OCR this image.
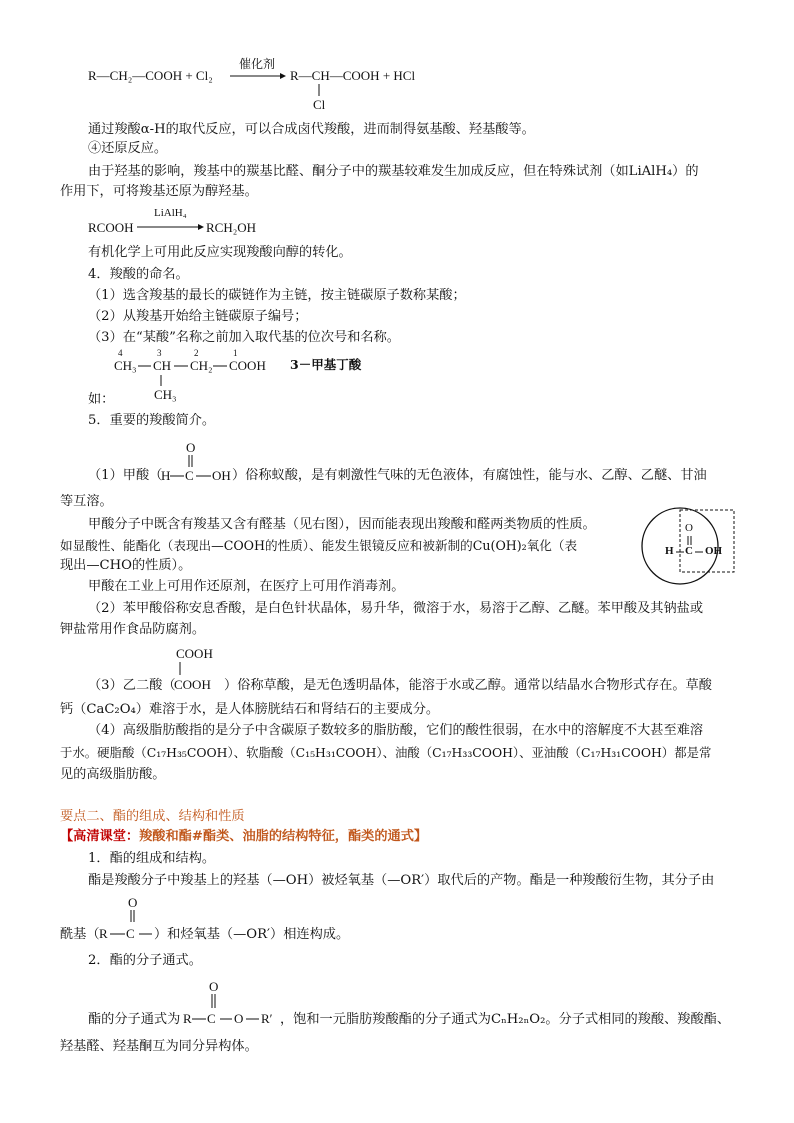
R—CH₂—COOH + Cl₂
催化剂
R—CH—COOH + HCl
Cl
通过羧酸α-H的取代反应，可以合成卤代羧酸，进而制得氨基酸、羟基酸等。
④还原反应。
由于羟基的影响，羧基中的羰基比醛、酮分子中的羰基较难发生加成反应，但在特殊试剂（如LiAlH₄）的
作用下，可将羧基还原为醇羟基。
RCOOH
LiAlH₄
RCH₂OH
有机化学上可用此反应实现羧酸向醇的转化。
4．羧酸的命名。
（1）选含羧基的最长的碳链作为主链，按主链碳原子数称某酸；
（2）从羧基开始给主链碳原子编号；
（3）在“某酸”名称之前加入取代基的位次号和名称。
4	3	2	1
CH₃ CH CH₂ COOH
CH₃
3－甲基丁酸
如：
5．重要的羧酸简介。
O
（1）甲酸（
H C OH ）俗称蚁酸，是有刺激性气味的无色液体，有腐蚀性，能与水、乙醇、乙醚、甘油
等互溶。
甲酸分子中既含有羧基又含有醛基（见右图），因而能表现出羧酸和醛两类物质的性质。
如显酸性、能酯化（表现出—COOH的性质）、能发生银镜反应和被新制的Cu(OH)₂氧化（表
现出—CHO的性质）。
甲酸在工业上可用作还原剂，在医疗上可用作消毒剂。
O
H C OH
（2）苯甲酸俗称安息香酸，是白色针状晶体，易升华，微溶于水，易溶于乙醇、乙醚。苯甲酸及其钠盐或
钾盐常用作食品防腐剂。
COOH
（3）乙二酸（
COOH ）俗称草酸，是无色透明晶体，能溶于水或乙醇。通常以结晶水合物形式存在。草酸
钙（CaC₂O₄）难溶于水，是人体膀胱结石和肾结石的主要成分。
（4）高级脂肪酸指的是分子中含碳原子数较多的脂肪酸，它们的酸性很弱，在水中的溶解度不大甚至难溶
于水。硬脂酸（C₁₇H₃₅COOH）、软脂酸（C₁₅H₃₁COOH）、油酸（C₁₇H₃₃COOH）、亚油酸（C₁₇H₃₁COOH）都是常
见的高级脂肪酸。
要点二、酯的组成、结构和性质
【高清课堂：羧酸和酯#酯类、油脂的结构特征，酯类的通式】
1．酯的组成和结构。
酯是羧酸分子中羧基上的羟基（—OH）被烃氧基（—OR′）取代后的产物。酯是一种羧酸衍生物，其分子由
O
酰基（ R C ）和烃氧基（—OR′）相连构成。
2．酯的分子通式。
O
酯的分子通式为 R C O R′ ，饱和一元脂肪羧酸酯的分子通式为CₙH₂ₙO₂。分子式相同的羧酸、羧酸酯、
羟基醛、羟基酮互为同分异构体。
